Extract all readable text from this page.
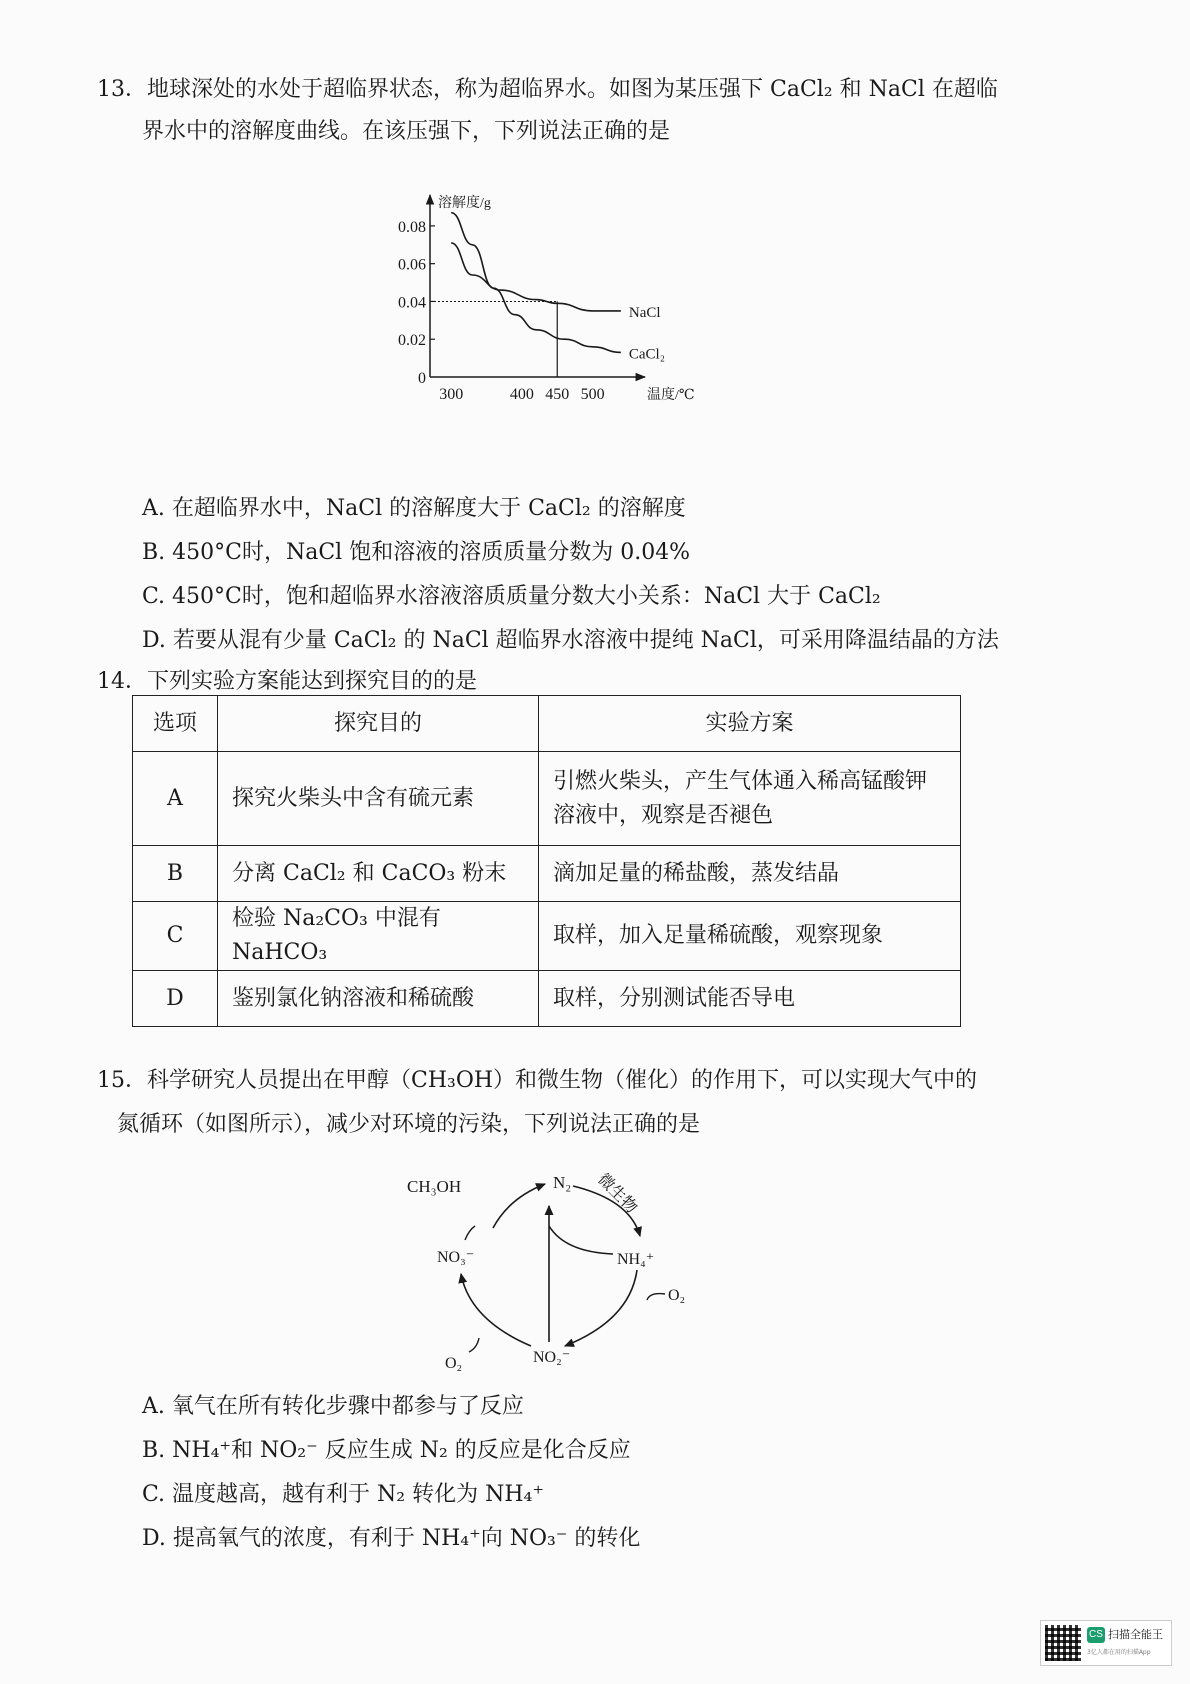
13．地球深处的水处于超临界状态，称为超临界水。如图为某压强下 CaCl₂ 和 NaCl 在超临
界水中的溶解度曲线。在该压强下，下列说法正确的是
0
0.02
0.04
0.06
0.08
300	400 450 500
溶解度/g
温度/℃
NaCl
CaCl₂
A. 在超临界水中，NaCl 的溶解度大于 CaCl₂ 的溶解度
B. 450°C时，NaCl 饱和溶液的溶质质量分数为 0.04%
C. 450°C时，饱和超临界水溶液溶质质量分数大小关系：NaCl 大于 CaCl₂
D. 若要从混有少量 CaCl₂ 的 NaCl 超临界水溶液中提纯 NaCl，可采用降温结晶的方法
14．下列实验方案能达到探究目的的是
选项	探究目的	实验方案
A	探究火柴头中含有硫元素	引燃火柴头，产生气体通入稀高锰酸钾
溶液中，观察是否褪色

B	分离 CaCl₂ 和 CaCO₃ 粉末	滴加足量的稀盐酸，蒸发结晶
C	检验 Na₂CO₃ 中混有 NaHCO₃	取样，加入足量稀硫酸，观察现象
D	鉴别氯化钠溶液和稀硫酸	取样，分别测试能否导电
15．科学研究人员提出在甲醇（CH₃OH）和微生物（催化）的作用下，可以实现大气中的
氮循环（如图所示），减少对环境的污染，下列说法正确的是
CH₃OH	N₂ 微生物
NH₄⁺
O₂
NO₂⁻
O₂
NO₃⁻
A. 氧气在所有转化步骤中都参与了反应
B. NH₄⁺和 NO₂⁻ 反应生成 N₂ 的反应是化合反应
C. 温度越高，越有利于 N₂ 转化为 NH₄⁺
D. 提高氧气的浓度，有利于 NH₄⁺向 NO₃⁻ 的转化
CS 扫描全能王
3亿人都在用的扫描App
